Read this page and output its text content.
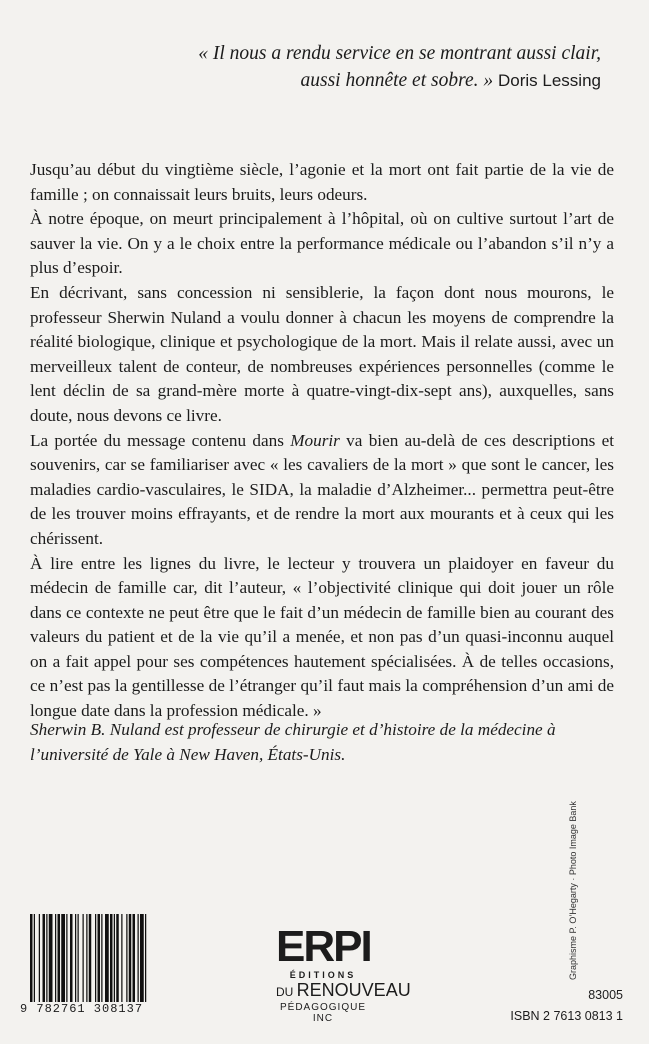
« Il nous a rendu service en se montrant aussi clair,
aussi honnête et sobre. » Doris Lessing

Jusqu’au début du vingtième siècle, l’agonie et la mort ont fait partie de la vie de famille ; on connaissait leurs bruits, leurs odeurs.

À notre époque, on meurt principalement à l’hôpital, où on cultive surtout l’art de sauver la vie. On y a le choix entre la performance médicale ou l’abandon s’il n’y a plus d’espoir.

En décrivant, sans concession ni sensiblerie, la façon dont nous mourons, le professeur Sherwin Nuland a voulu donner à chacun les moyens de comprendre la réalité biologique, clinique et psychologique de la mort. Mais il relate aussi, avec un merveilleux talent de conteur, de nombreuses expériences personnelles (comme le lent déclin de sa grand-mère morte à quatre-vingt-dix-sept ans), auxquelles, sans doute, nous devons ce livre.

La portée du message contenu dans Mourir va bien au-delà de ces descriptions et souvenirs, car se familiariser avec « les cavaliers de la mort » que sont le cancer, les maladies cardio-vasculaires, le SIDA, la maladie d’Alzheimer... permettra peut-être de les trouver moins effrayants, et de rendre la mort aux mourants et à ceux qui les chérissent.

À lire entre les lignes du livre, le lecteur y trouvera un plaidoyer en faveur du médecin de famille car, dit l’auteur, « l’objectivité clinique qui doit jouer un rôle dans ce contexte ne peut être que le fait d’un médecin de famille bien au courant des valeurs du patient et de la vie qu’il a menée, et non pas d’un quasi-inconnu auquel on a fait appel pour ses compétences hautement spécialisées. À de telles occasions, ce n’est pas la gentillesse de l’étranger qu’il faut mais la compréhension d’un ami de longue date dans la profession médicale. »

Sherwin B. Nuland est professeur de chirurgie et d’histoire de la médecine à l’université de Yale à New Haven, États-Unis.
Graphisme P. O’Hegarty · Photo Image Bank
9 782761 308137
ERPI
ÉDITIONS
DU RENOUVEAU
PÉDAGOGIQUE INC
83005
ISBN 2 7613 0813 1
